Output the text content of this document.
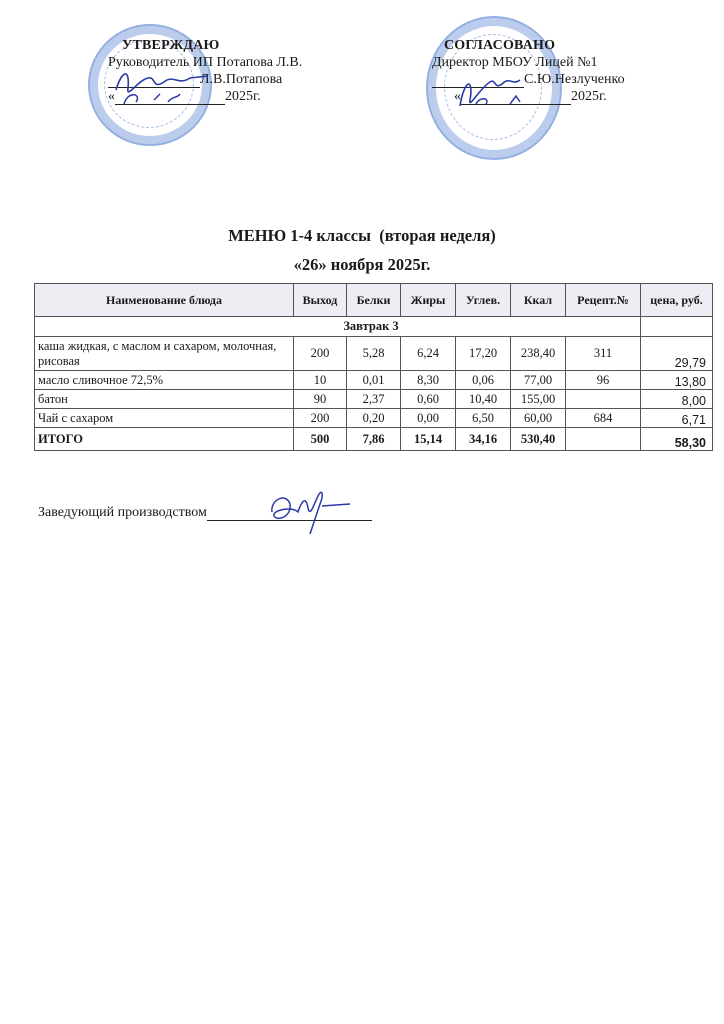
УТВЕРЖДАЮ
Руководитель ИП Потапова Л.В.
Л.В.Потапова
«	2025г.
СОГЛАСОВАНО
Директор МБОУ Лицей №1
С.Ю.Незлученко
«	2025г.
МЕНЮ 1-4 классы  (вторая неделя)
«26» ноября 2025г.
Наименование блюда	Выход	Белки	Жиры	Углев.	Ккал	Рецепт.№	цена, руб.
Завтрак 3							
каша жидкая, с маслом и сахаром, молочная, рисовая	200	5,28	6,24	17,20	238,40	311	29,79
масло сливочное 72,5%	10	0,01	8,30	0,06	77,00	96	13,80
батон	90	2,37	0,60	10,40	155,00		8,00
Чай с сахаром	200	0,20	0,00	6,50	60,00	684	6,71
ИТОГО	500	7,86	15,14	34,16	530,40		58,30
Заведующий производством
